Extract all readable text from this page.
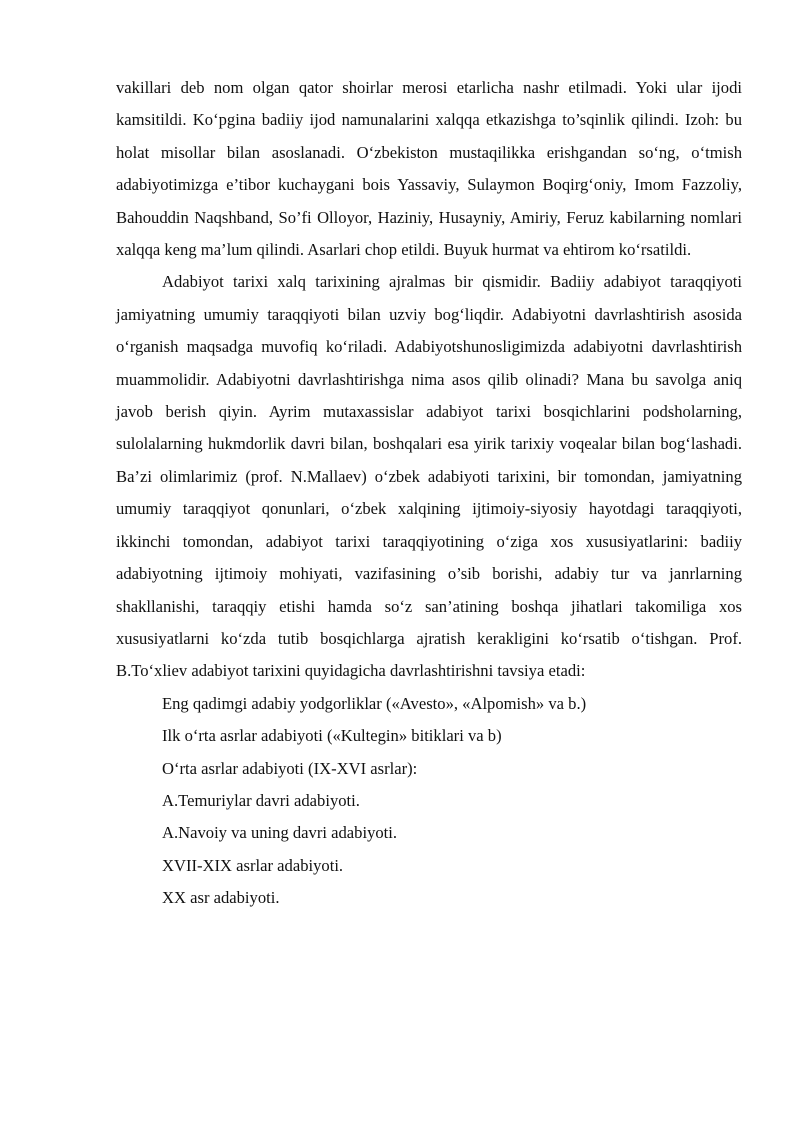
vakillari deb nom olgan qator shoirlar merosi etarlicha nashr etilmadi. Yoki ular ijodi kamsitildi. Ko‘pgina badiiy ijod namunalarini xalqqa etkazishga to’sqinlik qilindi. Izoh: bu holat misollar bilan asoslanadi. O‘zbekiston mustaqilikka erishgandan so‘ng, o‘tmish adabiyotimizga e’tibor kuchaygani bois Yassaviy, Sulaymon Boqirg‘oniy, Imom Fazzoliy, Bahouddin Naqshband, So’fi Olloyor, Haziniy, Husayniy, Amiriy, Feruz kabilarning nomlari xalqqa keng ma’lum qilindi. Asarlari chop etildi. Buyuk hurmat va ehtirom ko‘rsatildi.

Adabiyot tarixi xalq tarixining ajralmas bir qismidir. Badiiy adabiyot taraqqiyoti jamiyatning umumiy taraqqiyoti bilan uzviy bog‘liqdir. Adabiyotni davrlashtirish asosida o‘rganish maqsadga muvofiq ko‘riladi. Adabiyotshunosligimizda adabiyotni davrlashtirish muammolidir. Adabiyotni davrlashtirishga nima asos qilib olinadi? Mana bu savolga aniq javob berish qiyin. Ayrim mutaxassislar adabiyot tarixi bosqichlarini podsholarning, sulolalarning hukmdorlik davri bilan, boshqalari esa yirik tarixiy voqealar bilan bog‘lashadi. Ba’zi olimlarimiz (prof. N.Mallaev) o‘zbek adabiyoti tarixini, bir tomondan, jamiyatning umumiy taraqqiyot qonunlari, o‘zbek xalqining ijtimoiy-siyosiy hayotdagi taraqqiyoti, ikkinchi tomondan, adabiyot tarixi taraqqiyotining o‘ziga xos xususiyatlarini: badiiy adabiyotning ijtimoiy mohiyati, vazifasining o’sib borishi, adabiy tur va janrlarning shakllanishi, taraqqiy etishi hamda so‘z san’atining boshqa jihatlari takomiliga xos xususiyatlarni ko‘zda tutib bosqichlarga ajratish kerakligini ko‘rsatib o‘tishgan. Prof. B.To‘xliev adabiyot tarixini quyidagicha davrlashtirishni tavsiya etadi:

Eng qadimgi adabiy yodgorliklar («Avesto», «Alpomish» va b.)
Ilk o‘rta asrlar adabiyoti («Kultegin» bitiklari va b)
O‘rta asrlar adabiyoti (IX-XVI asrlar):
A.Temuriylar davri adabiyoti.
A.Navoiy va uning davri adabiyoti.
XVII-XIX asrlar adabiyoti.
XX asr adabiyoti.
